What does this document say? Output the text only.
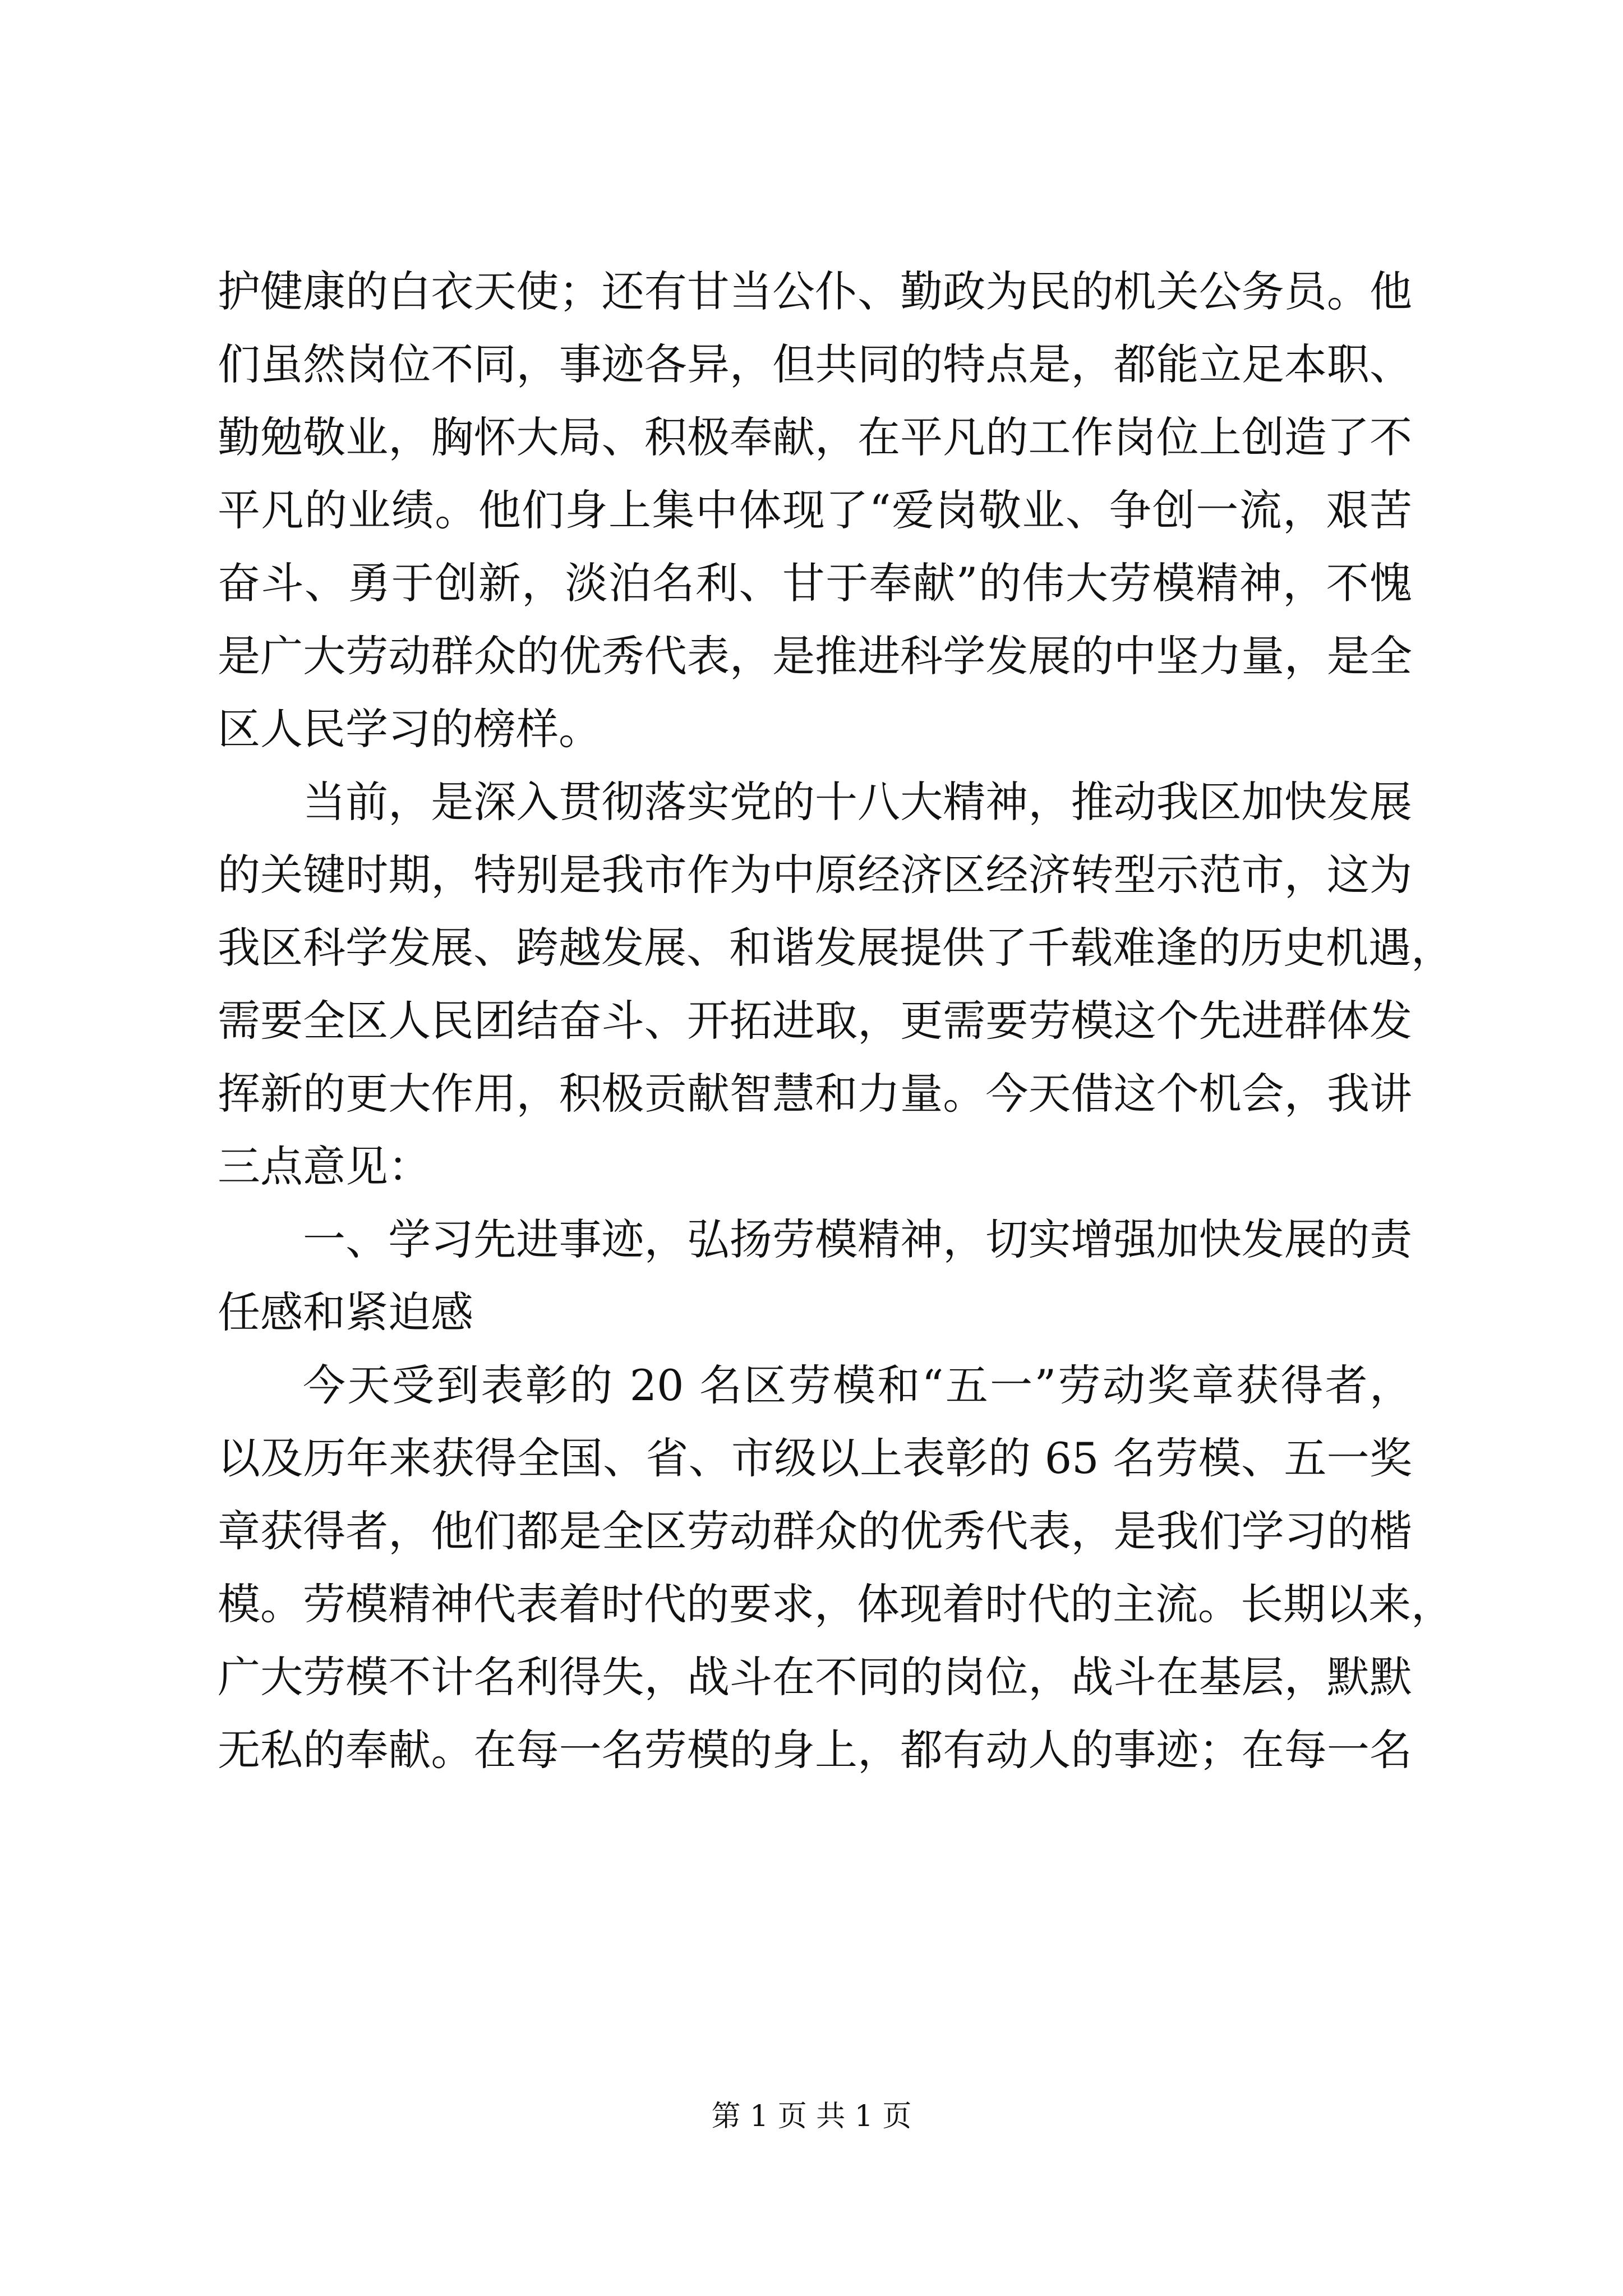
护健康的白衣天使；还有甘当公仆、勤政为民的机关公务员。他
们虽然岗位不同，事迹各异，但共同的特点是，都能立足本职、
勤勉敬业，胸怀大局、积极奉献，在平凡的工作岗位上创造了不
平凡的业绩。他们身上集中体现了“爱岗敬业、争创一流，艰苦
奋斗、勇于创新，淡泊名利、甘于奉献”的伟大劳模精神，不愧
是广大劳动群众的优秀代表，是推进科学发展的中坚力量，是全
区人民学习的榜样。
当前，是深入贯彻落实党的十八大精神，推动我区加快发展
的关键时期，特别是我市作为中原经济区经济转型示范市，这为
我区科学发展、跨越发展、和谐发展提供了千载难逢的历史机遇，
需要全区人民团结奋斗、开拓进取，更需要劳模这个先进群体发
挥新的更大作用，积极贡献智慧和力量。今天借这个机会，我讲
三点意见：
一、学习先进事迹，弘扬劳模精神，切实增强加快发展的责
任感和紧迫感
今天受到表彰的 20 名区劳模和“五一”劳动奖章获得者，
以及历年来获得全国、省、市级以上表彰的 65 名劳模、五一奖
章获得者，他们都是全区劳动群众的优秀代表，是我们学习的楷
模。劳模精神代表着时代的要求，体现着时代的主流。长期以来，
广大劳模不计名利得失，战斗在不同的岗位，战斗在基层，默默
无私的奉献。在每一名劳模的身上，都有动人的事迹；在每一名
第 1 页 共 1 页
